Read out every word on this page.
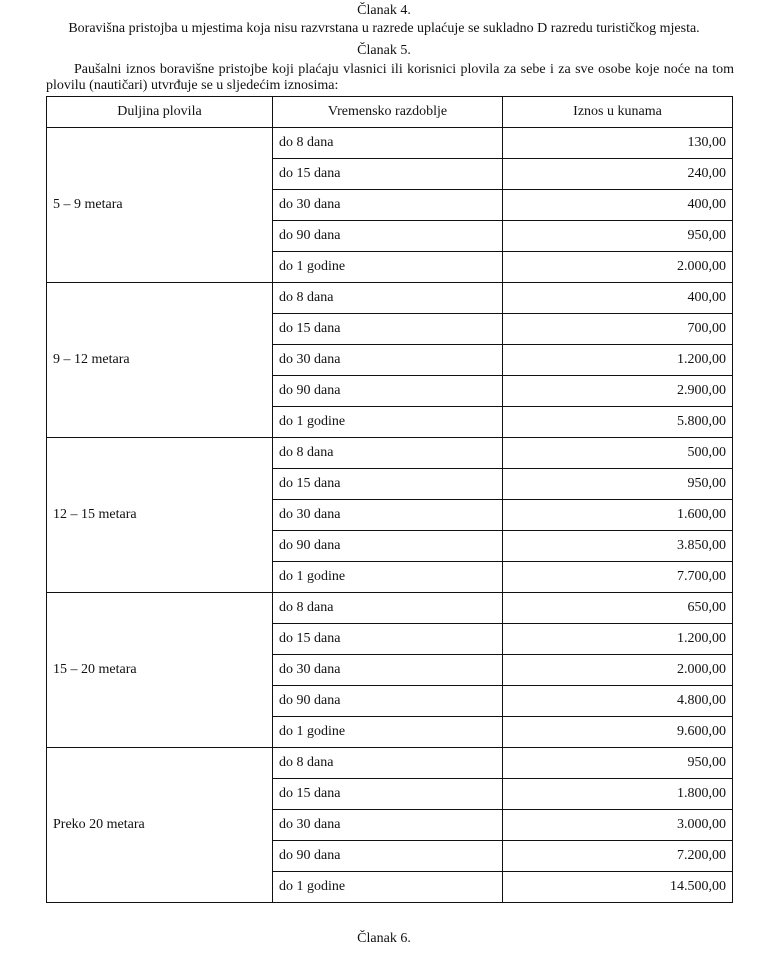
Članak 4.
Boravišna pristojba u mjestima koja nisu razvrstana u razrede uplaćuje se sukladno D razredu turističkog mjesta.
Članak 5.
Paušalni iznos boravišne pristojbe koji plaćaju vlasnici ili korisnici plovila za sebe i za sve osobe koje noće na tom plovilu (nautičari) utvrđuje se u sljedećim iznosima:
Duljina plovila	Vremensko razdoblje	Iznos u kunama
5 – 9 metara	do 8 dana	130,00
	do 15 dana	240,00
	do 30 dana	400,00
	do 90 dana	950,00
	do 1 godine	2.000,00
9 – 12 metara	do 8 dana	400,00
	do 15 dana	700,00
	do 30 dana	1.200,00
	do 90 dana	2.900,00
	do 1 godine	5.800,00
12 – 15 metara	do 8 dana	500,00
	do 15 dana	950,00
	do 30 dana	1.600,00
	do 90 dana	3.850,00
	do 1 godine	7.700,00
15 – 20 metara	do 8 dana	650,00
	do 15 dana	1.200,00
	do 30 dana	2.000,00
	do 90 dana	4.800,00
	do 1 godine	9.600,00
Preko 20 metara	do 8 dana	950,00
	do 15 dana	1.800,00
	do 30 dana	3.000,00
	do 90 dana	7.200,00
	do 1 godine	14.500,00
Članak 6.
